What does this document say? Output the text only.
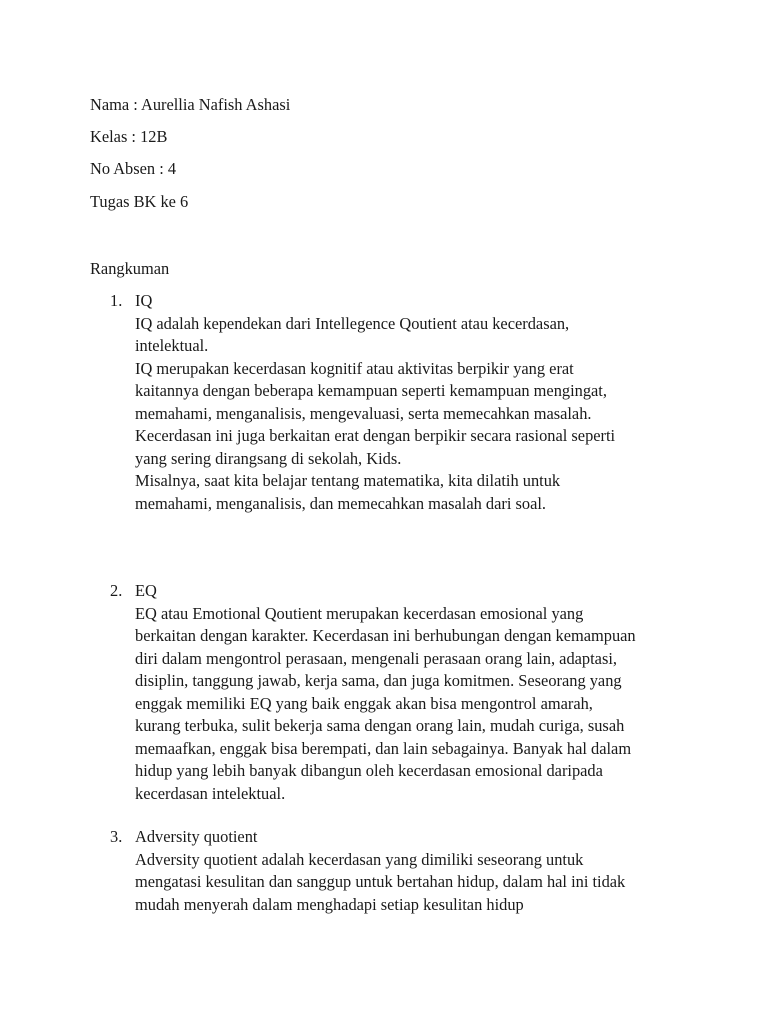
Nama : Aurellia Nafish Ashasi
Kelas : 12B
No Absen : 4
Tugas BK ke 6
Rangkuman
1. IQ
IQ adalah kependekan dari Intellegence Qoutient atau kecerdasan,
intelektual.
IQ merupakan kecerdasan kognitif atau aktivitas berpikir yang erat
kaitannya dengan beberapa kemampuan seperti kemampuan mengingat,
memahami, menganalisis, mengevaluasi, serta memecahkan masalah.
Kecerdasan ini juga berkaitan erat dengan berpikir secara rasional seperti
yang sering dirangsang di sekolah, Kids.
Misalnya, saat kita belajar tentang matematika, kita dilatih untuk
memahami, menganalisis, dan memecahkan masalah dari soal.
2. EQ
EQ atau Emotional Qoutient merupakan kecerdasan emosional yang
berkaitan dengan karakter. Kecerdasan ini berhubungan dengan kemampuan
diri dalam mengontrol perasaan, mengenali perasaan orang lain, adaptasi,
disiplin, tanggung jawab, kerja sama, dan juga komitmen. Seseorang yang
enggak memiliki EQ yang baik enggak akan bisa mengontrol amarah,
kurang terbuka, sulit bekerja sama dengan orang lain, mudah curiga, susah
memaafkan, enggak bisa berempati, dan lain sebagainya. Banyak hal dalam
hidup yang lebih banyak dibangun oleh kecerdasan emosional daripada
kecerdasan intelektual.
3. Adversity quotient
Adversity quotient adalah kecerdasan yang dimiliki seseorang untuk
mengatasi kesulitan dan sanggup untuk bertahan hidup, dalam hal ini tidak
mudah menyerah dalam menghadapi setiap kesulitan hidup
